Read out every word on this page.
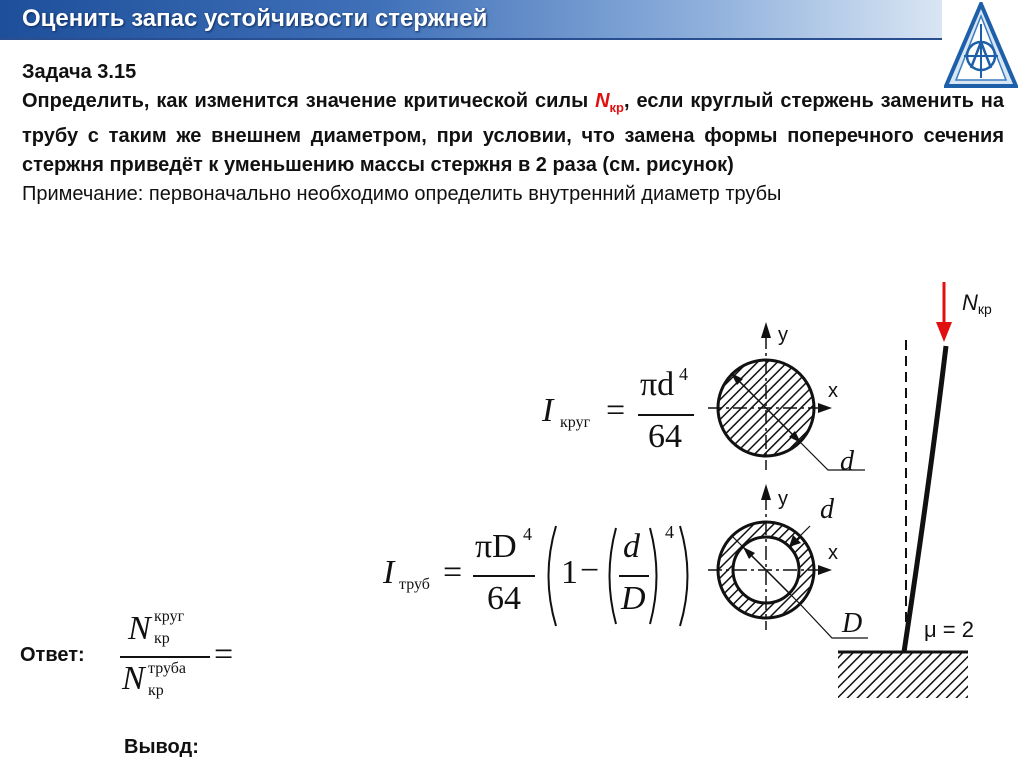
Оценить запас устойчивости стержней
Задача 3.15
Определить, как изменится значение критической силы $N_{кр}$, если круглый стержень заменить на трубу с таким же внешнем диаметром, при условии, что замена формы поперечного сечения стержня приведёт к уменьшению массы стержня в 2 раза (см. рисунок)
Примечание: первоначально необходимо определить внутренний диаметр трубы
I круг =
πd 4
64
I труб =
πD 4
64
1 −
d
D
4
y
x
d
y
x
d
D
$N_{кр}$
μ = 2
Ответ:
N круг
кр
N труба
кр
=
Вывод:
